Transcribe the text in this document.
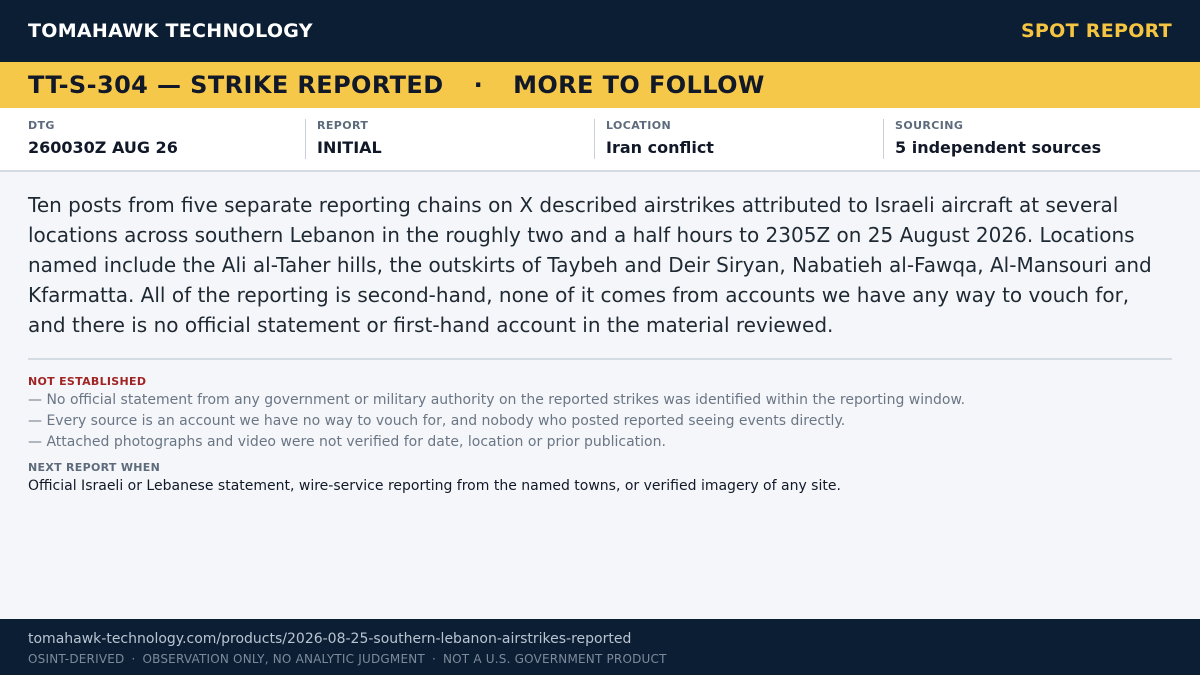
TOMAHAWK TECHNOLOGY	SPOT REPORT
TT-S-304 — STRIKE REPORTED · MORE TO FOLLOW
DTG
260030Z AUG 26
REPORT
INITIAL
LOCATION
Iran conflict
SOURCING
5 independent sources
Ten posts from five separate reporting chains on X described airstrikes attributed to Israeli aircraft at several locations across southern Lebanon in the roughly two and a half hours to 2305Z on 25 August 2026. Locations named include the Ali al-Taher hills, the outskirts of Taybeh and Deir Siryan, Nabatieh al-Fawqa, Al-Mansouri and Kfarmatta. All of the reporting is second-hand, none of it comes from accounts we have any way to vouch for, and there is no official statement or first-hand account in the material reviewed.
NOT ESTABLISHED
— No official statement from any government or military authority on the reported strikes was identified within the reporting window.
— Every source is an account we have no way to vouch for, and nobody who posted reported seeing events directly.
— Attached photographs and video were not verified for date, location or prior publication.
NEXT REPORT WHEN
Official Israeli or Lebanese statement, wire-service reporting from the named towns, or verified imagery of any site.
tomahawk-technology.com/products/2026-08-25-southern-lebanon-airstrikes-reported
OSINT-DERIVED · OBSERVATION ONLY, NO ANALYTIC JUDGMENT · NOT A U.S. GOVERNMENT PRODUCT
